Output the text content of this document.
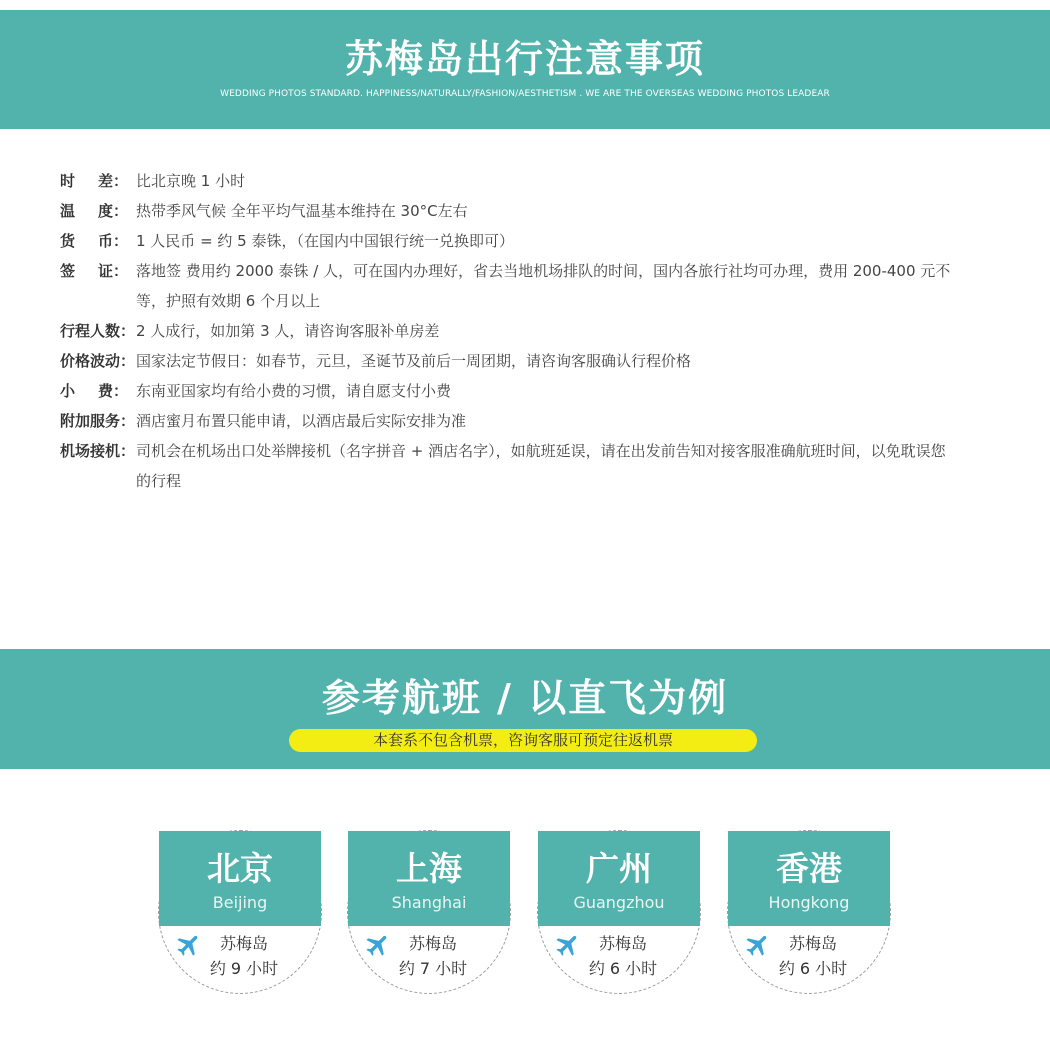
苏梅岛出行注意事项
WEDDING PHOTOS STANDARD. HAPPINESS/NATURALLY/FASHION/AESTHETISM . WE ARE THE OVERSEAS WEDDING PHOTOS LEADEAR
时 差： 比北京晚 1 小时
温 度： 热带季风气候 全年平均气温基本维持在 30°C左右
货 币： 1 人民币 = 约 5 泰铢，（在国内中国银行统一兑换即可）
签 证： 落地签 费用约 2000 泰铢 / 人，可在国内办理好，省去当地机场排队的时间，国内各旅行社均可办理，费用 200-400 元不等，护照有效期 6 个月以上
行程人数： 2 人成行，如加第 3 人，请咨询客服补单房差
价格波动： 国家法定节假日：如春节，元旦，圣诞节及前后一周团期，请咨询客服确认行程价格
小 费： 东南亚国家均有给小费的习惯，请自愿支付小费
附加服务： 酒店蜜月布置只能申请，以酒店最后实际安排为准
机场接机： 司机会在机场出口处举牌接机（名字拼音 + 酒店名字），如航班延误，请在出发前告知对接客服准确航班时间，以免耽误您的行程
参考航班 / 以直飞为例
本套系不包含机票，咨询客服可预定往返机票
北京
Beijing
苏梅岛
约 9 小时
上海
Shanghai
苏梅岛
约 7 小时
广州
Guangzhou
苏梅岛
约 6 小时
香港
Hongkong
苏梅岛
约 6 小时
